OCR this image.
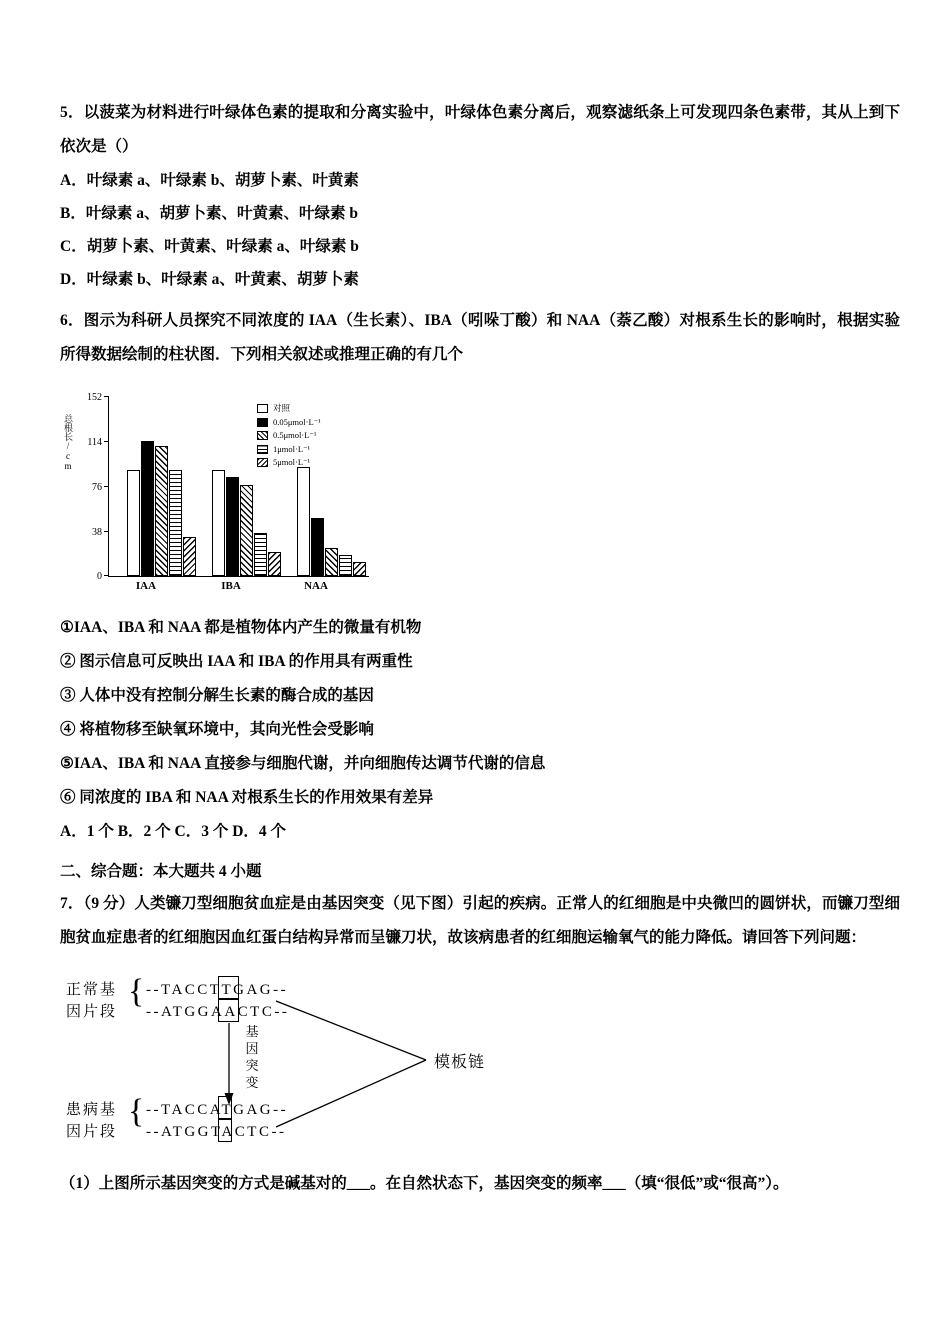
5．以菠菜为材料进行叶绿体色素的提取和分离实验中，叶绿体色素分离后，观察滤纸条上可发现四条色素带，其从上到下依次是（）
A．叶绿素 a、叶绿素 b、胡萝卜素、叶黄素
B．叶绿素 a、胡萝卜素、叶黄素、叶绿素 b
C．胡萝卜素、叶黄素、叶绿素 a、叶绿素 b
D．叶绿素 b、叶绿素 a、叶黄素、胡萝卜素
6．图示为科研人员探究不同浓度的 IAA（生长素）、IBA（吲哚丁酸）和 NAA（萘乙酸）对根系生长的影响时，根据实验所得数据绘制的柱状图．下列相关叙述或推理正确的有几个
总根长/cm
152
114
76
38
0
对照
0.05μmol·L⁻¹
0.5μmol·L⁻¹
1μmol·L⁻¹
5μmol·L⁻¹
IAA	IBA	NAA
①IAA、IBA 和 NAA 都是植物体内产生的微量有机物
② 图示信息可反映出 IAA 和 IBA 的作用具有两重性
③ 人体中没有控制分解生长素的酶合成的基因
④ 将植物移至缺氧环境中，其向光性会受影响
⑤IAA、IBA 和 NAA 直接参与细胞代谢，并向细胞传达调节代谢的信息
⑥ 同浓度的 IBA 和 NAA 对根系生长的作用效果有差异
A．1 个 B．2 个 C．3 个 D．4 个
二、综合题：本大题共 4 小题
7．（9 分）人类镰刀型细胞贫血症是由基因突变（见下图）引起的疾病。正常人的红细胞是中央微凹的圆饼状，而镰刀型细胞贫血症患者的红细胞因血红蛋白结构异常而呈镰刀状，故该病患者的红细胞运输氧气的能力降低。请回答下列问题：
正常基
因片段
{ --TACCTTGAG--
--ATGGAACTC--
基
因
突
变
患病基
因片段
{ --TACCATGAG--
--ATGGTACTC--
模板链
（1）上图所示基因突变的方式是碱基对的___。在自然状态下，基因突变的频率___（填“很低”或“很高”）。
